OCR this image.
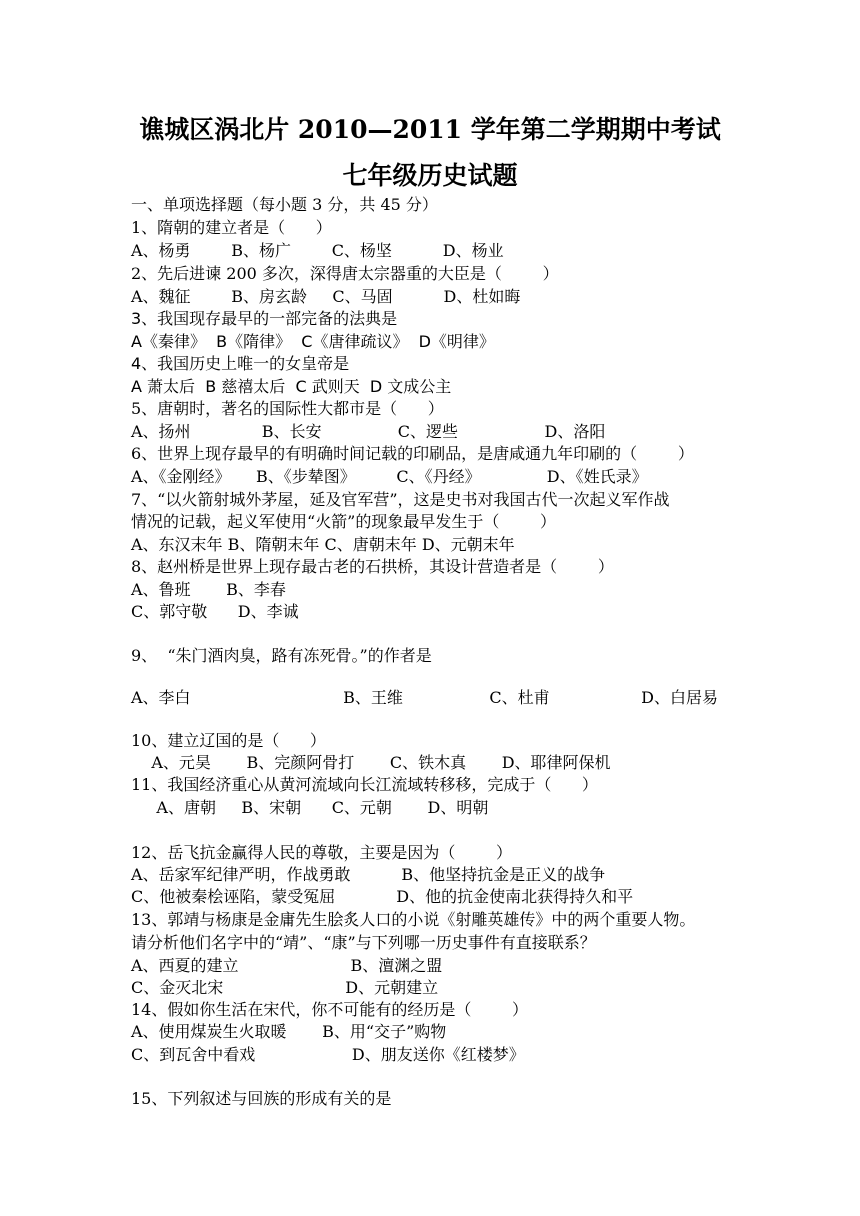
谯城区涡北片 2010—2011 学年第二学期期中考试
七年级历史试题
一、单项选择题（每小题 3 分，共 45 分）
1、隋朝的建立者是（      ）
A、杨勇        B、杨广        C、杨坚          D、杨业
2、先后进谏 200 多次，深得唐太宗器重的大臣是（        ）
A、魏征        B、房玄龄     C、马固          D、杜如晦
3、我国现存最早的一部完备的法典是
A《秦律》  B《隋律》  C《唐律疏议》  D《明律》
4、我国历史上唯一的女皇帝是
A 萧太后  B 慈禧太后  C 武则天  D 文成公主
5、唐朝时，著名的国际性大都市是（      ）
A、扬州              B、长安               C、逻些                 D、洛阳
6、世界上现存最早的有明确时间记载的印刷品，是唐咸通九年印刷的（        ）
A、《金刚经》     B、《步辇图》        C、《丹经》             D、《姓氏录》
7、“以火箭射城外茅屋，延及官军营”，这是史书对我国古代一次起义军作战
情况的记载，起义军使用“火箭”的现象最早发生于（        ）
A、东汉末年 B、隋朝末年 C、唐朝末年 D、元朝末年
8、赵州桥是世界上现存最古老的石拱桥，其设计营造者是（        ）
A、鲁班       B、李春
C、郭守敬      D、李诚
9、  “朱门酒肉臭，路有冻死骨。”的作者是
A、李白                              B、王维                 C、杜甫                  D、白居易
10、建立辽国的是（      ）
A、元昊       B、完颜阿骨打       C、铁木真       D、耶律阿保机
11、我国经济重心从黄河流域向长江流域转移移，完成于（      ）
A、唐朝     B、宋朝      C、元朝       D、明朝
12、岳飞抗金赢得人民的尊敬，主要是因为（        ）
A、岳家军纪律严明，作战勇敢          B、他坚持抗金是正义的战争
C、他被秦桧诬陷，蒙受冤屈            D、他的抗金使南北获得持久和平
13、郭靖与杨康是金庸先生脍炙人口的小说《射雕英雄传》中的两个重要人物。
请分析他们名字中的“靖”、“康”与下列哪一历史事件有直接联系？
A、西夏的建立                      B、澶渊之盟
C、金灭北宋                        D、元朝建立
14、假如你生活在宋代，你不可能有的经历是（        ）
A、使用煤炭生火取暖       B、用“交子”购物
C、到瓦舍中看戏                   D、朋友送你《红楼梦》
15、下列叙述与回族的形成有关的是
